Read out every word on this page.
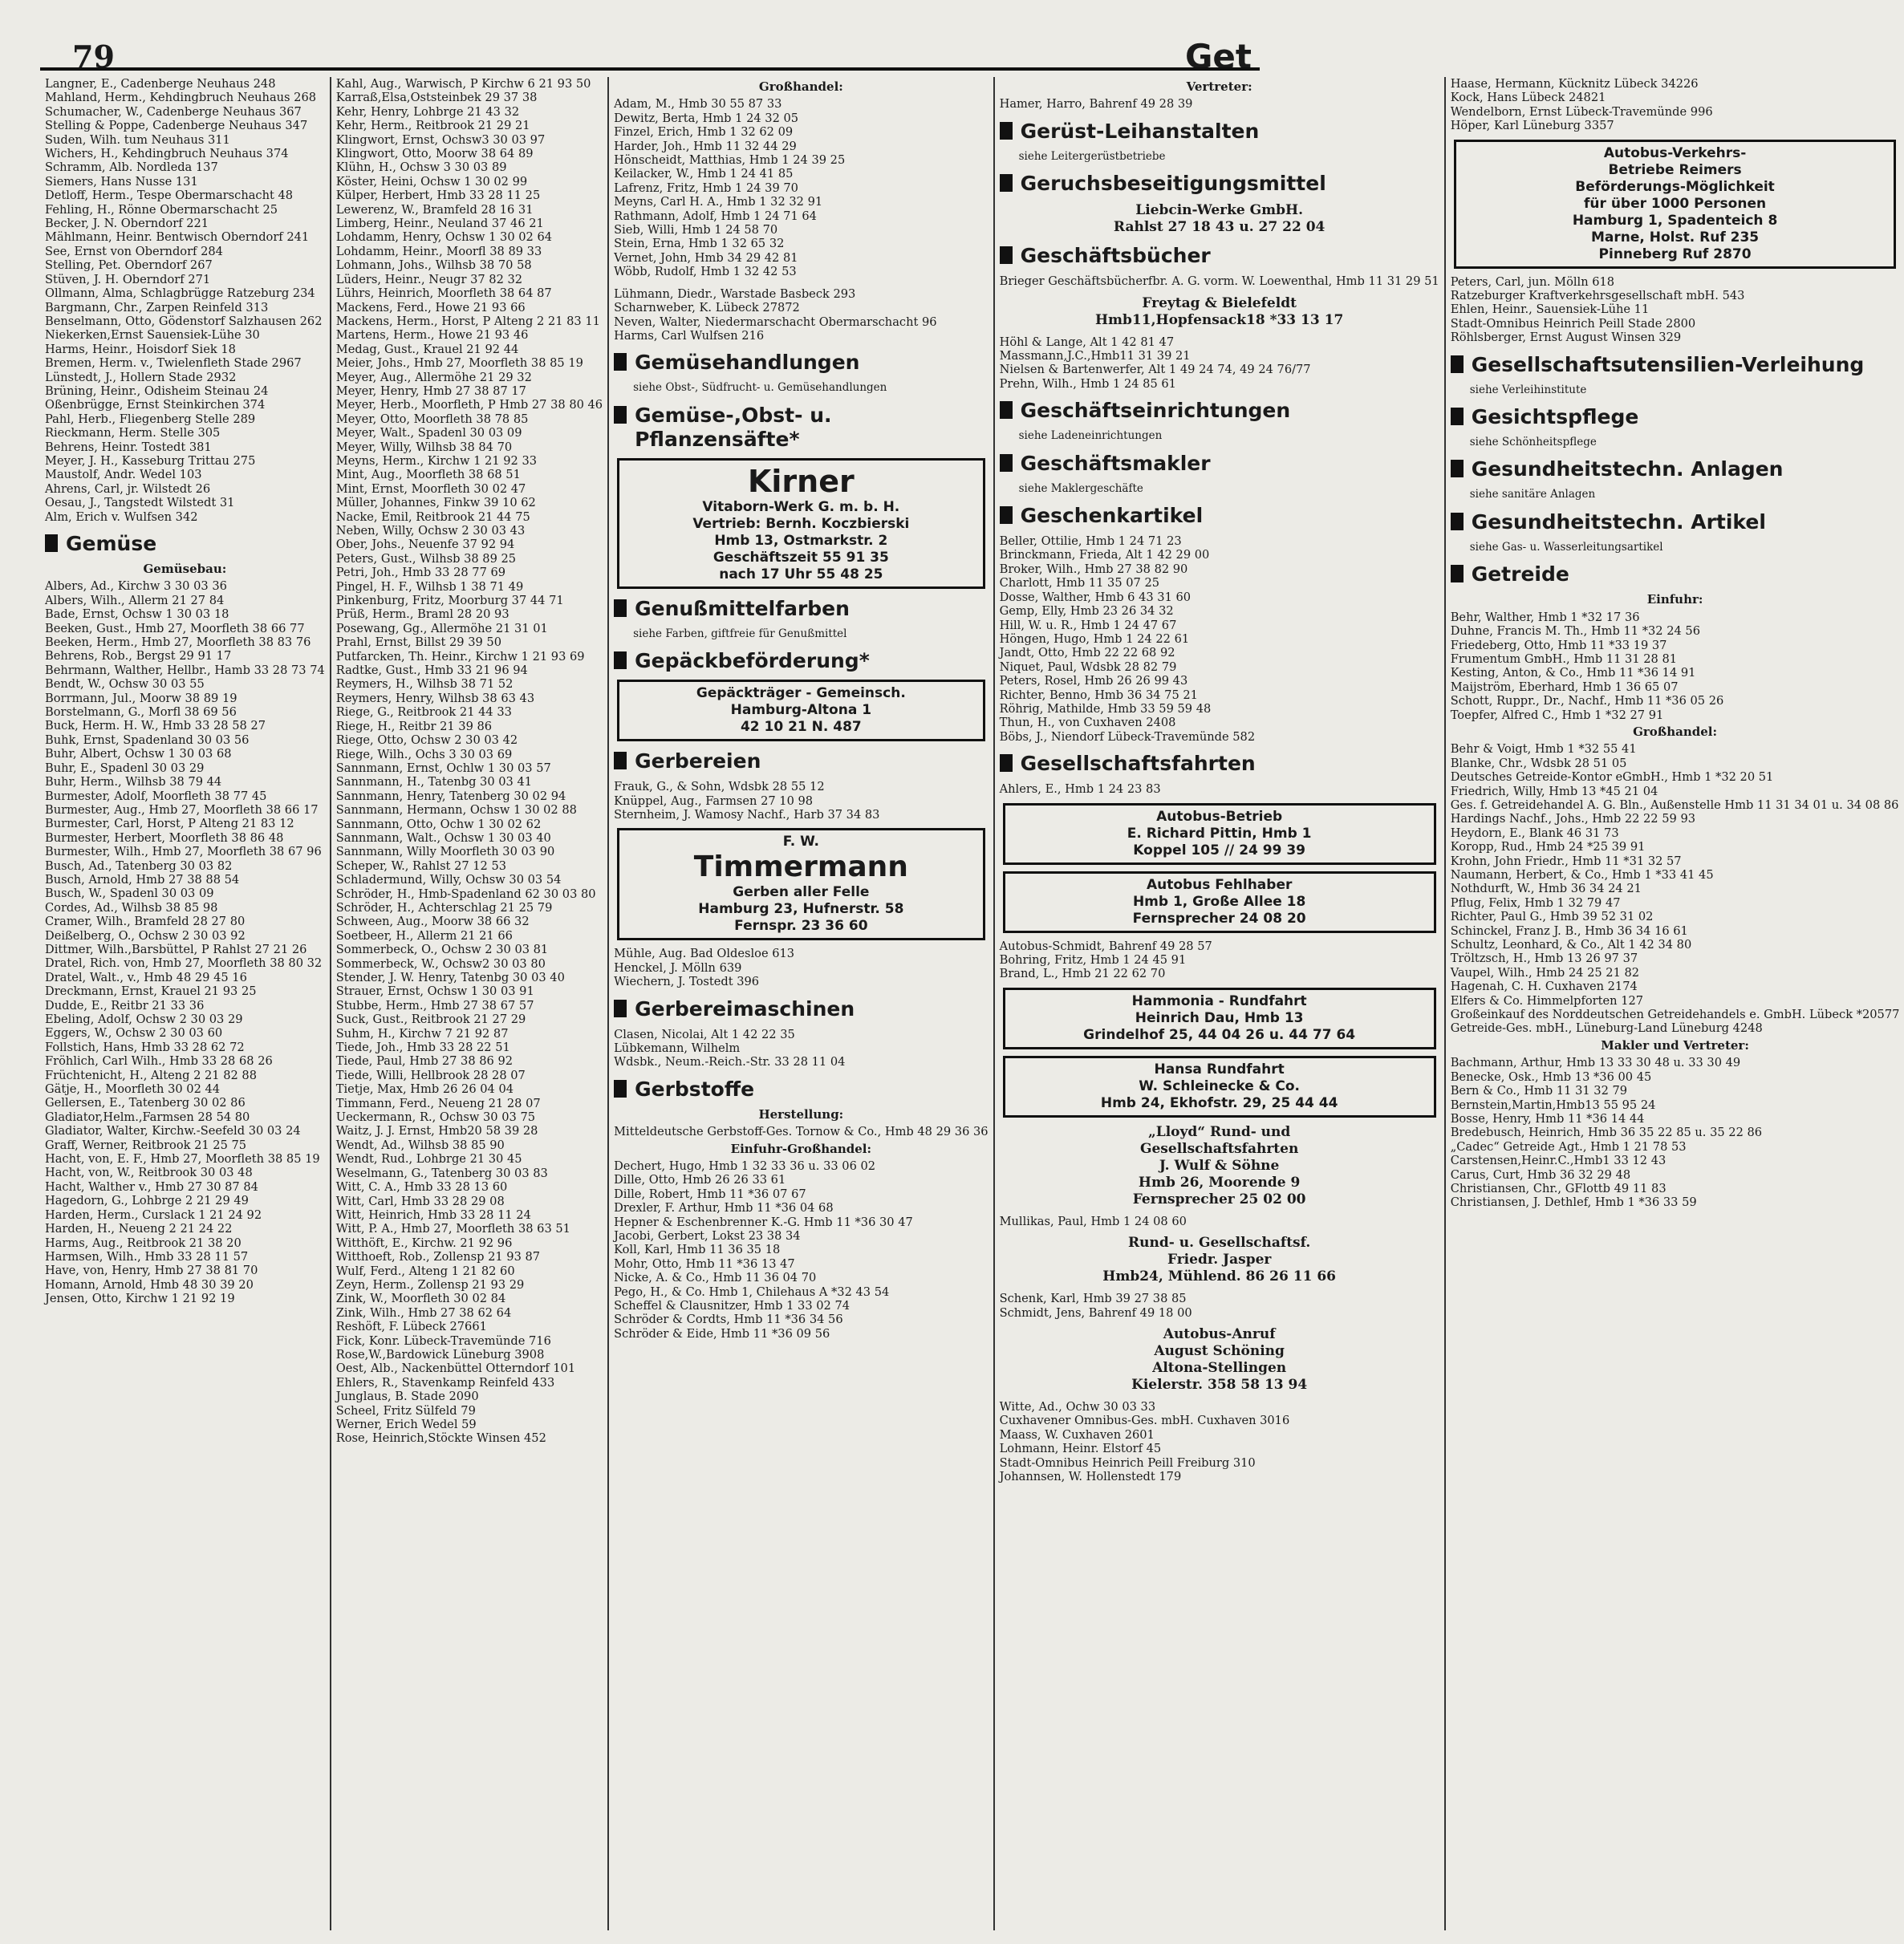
79	Get
Langner, E., Cadenberge Neuhaus 248
Mahland, Herm., Kehdingbruch Neuhaus 268
Schumacher, W., Cadenberge Neuhaus 367
Stelling & Poppe, Cadenberge Neuhaus 347
Suden, Wilh. tum Neuhaus 311
Wichers, H., Kehdingbruch Neuhaus 374
Schramm, Alb. Nordleda 137
Siemers, Hans Nusse 131
Detloff, Herm., Tespe Obermarschacht 48
Fehling, H., Rönne Obermarschacht 25
Becker, J. N. Oberndorf 221
Mählmann, Heinr. Bentwisch Oberndorf 241
See, Ernst von Oberndorf 284
Stelling, Pet. Oberndorf 267
Stüven, J. H. Oberndorf 271
Ollmann, Alma, Schlagbrügge Ratzeburg 234
Bargmann, Chr., Zarpen Reinfeld 313
Benselmann, Otto, Gödenstorf Salzhausen 262
Niekerken,Ernst Sauensiek-Lühe 30
Harms, Heinr., Hoisdorf Siek 18
Bremen, Herm. v., Twielenfleth Stade 2967
Lünstedt, J., Hollern Stade 2932
Brüning, Heinr., Odisheim Steinau 24
Oßenbrügge, Ernst Steinkirchen 374
Pahl, Herb., Fliegenberg Stelle 289
Rieckmann, Herm. Stelle 305
Behrens, Heinr. Tostedt 381
Meyer, J. H., Kasseburg Trittau 275
Maustolf, Andr. Wedel 103
Ahrens, Carl, jr. Wilstedt 26
Oesau, J., Tangstedt Wilstedt 31
Alm, Erich v. Wulfsen 342
Gemüse
Gemüsebau:
Albers, Ad., Kirchw 3 30 03 36
Albers, Wilh., Allerm 21 27 84
Bade, Ernst, Ochsw 1 30 03 18
Beeken, Gust., Hmb 27, Moorfleth 38 66 77
Beeken, Herm., Hmb 27, Moorfleth 38 83 76
Behrens, Rob., Bergst 29 91 17
Behrmann, Walther, Hellbr., Hamb 33 28 73 74
Bendt, W., Ochsw 30 03 55
Borrmann, Jul., Moorw 38 89 19
Borstelmann, G., Morfl 38 69 56
Buck, Herm. H. W., Hmb 33 28 58 27
Buhk, Ernst, Spadenland 30 03 56
Buhr, Albert, Ochsw 1 30 03 68
Buhr, E., Spadenl 30 03 29
Buhr, Herm., Wilhsb 38 79 44
Burmester, Adolf, Moorfleth 38 77 45
Burmester, Aug., Hmb 27, Moorfleth 38 66 17
Burmester, Carl, Horst, P Alteng 21 83 12
Burmester, Herbert, Moorfleth 38 86 48
Burmester, Wilh., Hmb 27, Moorfleth 38 67 96
Busch, Ad., Tatenberg 30 03 82
Busch, Arnold, Hmb 27 38 88 54
Busch, W., Spadenl 30 03 09
Cordes, Ad., Wilhsb 38 85 98
Cramer, Wilh., Bramfeld 28 27 80
Deißelberg, O., Ochsw 2 30 03 92
Dittmer, Wilh.,Barsbüttel, P Rahlst 27 21 26
Dratel, Rich. von, Hmb 27, Moorfleth 38 80 32
Dratel, Walt., v., Hmb 48 29 45 16
Dreckmann, Ernst, Krauel 21 93 25
Dudde, E., Reitbr 21 33 36
Ebeling, Adolf, Ochsw 2 30 03 29
Eggers, W., Ochsw 2 30 03 60
Follstich, Hans, Hmb 33 28 62 72
Fröhlich, Carl Wilh., Hmb 33 28 68 26
Früchtenicht, H., Alteng 2 21 82 88
Gätje, H., Moorfleth 30 02 44
Gellersen, E., Tatenberg 30 02 86
Gladiator,Helm.,Farmsen 28 54 80
Gladiator, Walter, Kirchw.-Seefeld 30 03 24
Graff, Werner, Reitbrook 21 25 75
Hacht, von, E. F., Hmb 27, Moorfleth 38 85 19
Hacht, von, W., Reitbrook 30 03 48
Hacht, Walther v., Hmb 27 30 87 84
Hagedorn, G., Lohbrge 2 21 29 49
Harden, Herm., Curslack 1 21 24 92
Harden, H., Neueng 2 21 24 22
Harms, Aug., Reitbrook 21 38 20
Harmsen, Wilh., Hmb 33 28 11 57
Have, von, Henry, Hmb 27 38 81 70
Homann, Arnold, Hmb 48 30 39 20
Jensen, Otto, Kirchw 1 21 92 19
Kahl, Aug., Warwisch, P Kirchw 6 21 93 50
Karraß,Elsa,Oststeinbek 29 37 38
Kehr, Henry, Lohbrge 21 43 32
Kehr, Herm., Reitbrook 21 29 21
Klingwort, Ernst, Ochsw3 30 03 97
Klingwort, Otto, Moorw 38 64 89
Klühn, H., Ochsw 3 30 03 89
Köster, Heini, Ochsw 1 30 02 99
Külper, Herbert, Hmb 33 28 11 25
Lewerenz, W., Bramfeld 28 16 31
Limberg, Heinr., Neuland 37 46 21
Lohdamm, Henry, Ochsw 1 30 02 64
Lohdamm, Heinr., Moorfl 38 89 33
Lohmann, Johs., Wilhsb 38 70 58
Lüders, Heinr., Neugr 37 82 32
Lührs, Heinrich, Moorfleth 38 64 87
Mackens, Ferd., Howe 21 93 66
Mackens, Herm., Horst, P Alteng 2 21 83 11
Martens, Herm., Howe 21 93 46
Medag, Gust., Krauel 21 92 44
Meier, Johs., Hmb 27, Moorfleth 38 85 19
Meyer, Aug., Allermöhe 21 29 32
Meyer, Henry, Hmb 27 38 87 17
Meyer, Herb., Moorfleth, P Hmb 27 38 80 46
Meyer, Otto, Moorfleth 38 78 85
Meyer, Walt., Spadenl 30 03 09
Meyer, Willy, Wilhsb 38 84 70
Meyns, Herm., Kirchw 1 21 92 33
Mint, Aug., Moorfleth 38 68 51
Mint, Ernst, Moorfleth 30 02 47
Müller, Johannes, Finkw 39 10 62
Nacke, Emil, Reitbrook 21 44 75
Neben, Willy, Ochsw 2 30 03 43
Ober, Johs., Neuenfe 37 92 94
Peters, Gust., Wilhsb 38 89 25
Petri, Joh., Hmb 33 28 77 69
Pingel, H. F., Wilhsb 1 38 71 49
Pinkenburg, Fritz, Moorburg 37 44 71
Prüß, Herm., Braml 28 20 93
Posewang, Gg., Allermöhe 21 31 01
Prahl, Ernst, Billst 29 39 50
Putfarcken, Th. Heinr., Kirchw 1 21 93 69
Radtke, Gust., Hmb 33 21 96 94
Reymers, H., Wilhsb 38 71 52
Reymers, Henry, Wilhsb 38 63 43
Riege, G., Reitbrook 21 44 33
Riege, H., Reitbr 21 39 86
Riege, Otto, Ochsw 2 30 03 42
Riege, Wilh., Ochs 3 30 03 69
Sannmann, Ernst, Ochlw 1 30 03 57
Sannmann, H., Tatenbg 30 03 41
Sannmann, Henry, Tatenberg 30 02 94
Sannmann, Hermann, Ochsw 1 30 02 88
Sannmann, Otto, Ochw 1 30 02 62
Sannmann, Walt., Ochsw 1 30 03 40
Sannmann, Willy Moorfleth 30 03 90
Scheper, W., Rahlst 27 12 53
Schladermund, Willy, Ochsw 30 03 54
Schröder, H., Hmb-Spadenland 62 30 03 80
Schröder, H., Achterschlag 21 25 79
Schween, Aug., Moorw 38 66 32
Soetbeer, H., Allerm 21 21 66
Sommerbeck, O., Ochsw 2 30 03 81
Sommerbeck, W., Ochsw2 30 03 80
Stender, J. W. Henry, Tatenbg 30 03 40
Strauer, Ernst, Ochsw 1 30 03 91
Stubbe, Herm., Hmb 27 38 67 57
Suck, Gust., Reitbrook 21 27 29
Suhm, H., Kirchw 7 21 92 87
Tiede, Joh., Hmb 33 28 22 51
Tiede, Paul, Hmb 27 38 86 92
Tiede, Willi, Hellbrook 28 28 07
Tietje, Max, Hmb 26 26 04 04
Timmann, Ferd., Neueng 21 28 07
Ueckermann, R., Ochsw 30 03 75
Waitz, J. J. Ernst, Hmb20 58 39 28
Wendt, Ad., Wilhsb 38 85 90
Wendt, Rud., Lohbrge 21 30 45
Weselmann, G., Tatenberg 30 03 83
Witt, C. A., Hmb 33 28 13 60
Witt, Carl, Hmb 33 28 29 08
Witt, Heinrich, Hmb 33 28 11 24
Witt, P. A., Hmb 27, Moorfleth 38 63 51
Witthöft, E., Kirchw. 21 92 96
Witthoeft, Rob., Zollensp 21 93 87
Wulf, Ferd., Alteng 1 21 82 60
Zeyn, Herm., Zollensp 21 93 29
Zink, W., Moorfleth 30 02 84
Zink, Wilh., Hmb 27 38 62 64
Reshöft, F. Lübeck 27661
Fick, Konr. Lübeck-Travemünde 716
Rose,W.,Bardowick Lüneburg 3908
Oest, Alb., Nackenbüttel Otterndorf 101
Ehlers, R., Stavenkamp Reinfeld 433
Junglaus, B. Stade 2090
Scheel, Fritz Sülfeld 79
Werner, Erich Wedel 59
Rose, Heinrich,Stöckte Winsen 452
Großhandel:
Adam, M., Hmb 30 55 87 33
Dewitz, Berta, Hmb 1 24 32 05
Finzel, Erich, Hmb 1 32 62 09
Harder, Joh., Hmb 11 32 44 29
Hönscheidt, Matthias, Hmb 1 24 39 25
Keilacker, W., Hmb 1 24 41 85
Lafrenz, Fritz, Hmb 1 24 39 70
Meyns, Carl H. A., Hmb 1 32 32 91
Rathmann, Adolf, Hmb 1 24 71 64
Sieb, Willi, Hmb 1 24 58 70
Stein, Erna, Hmb 1 32 65 32
Vernet, John, Hmb 34 29 42 81
Wöbb, Rudolf, Hmb 1 32 42 53
Lühmann, Diedr., Warstade Basbeck 293
Scharnweber, K. Lübeck 27872
Neven, Walter, Niedermarschacht Obermarschacht 96
Harms, Carl Wulfsen 216
Gemüsehandlungen
siehe Obst-, Südfrucht- u. Gemüsehandlungen
Gemüse-,Obst- u. Pflanzensäfte*
Kirner
Vitaborn-Werk G. m. b. H.
Vertrieb: Bernh. Koczbierski
Hmb 13, Ostmarkstr. 2
Geschäftszeit 55 91 35
nach 17 Uhr 55 48 25
Genußmittelfarben
siehe Farben, giftfreie für Genußmittel
Gepäckbeförderung*
Gepäckträger - Gemeinsch.
Hamburg-Altona 1
42 10 21 N. 487
Gerbereien
Frauk, G., & Sohn, Wdsbk 28 55 12
Knüppel, Aug., Farmsen 27 10 98
Sternheim, J. Wamosy Nachf., Harb 37 34 83
F. W.
Timmermann
Gerben aller Felle
Hamburg 23, Hufnerstr. 58
Fernspr. 23 36 60
Mühle, Aug. Bad Oldesloe 613
Henckel, J. Mölln 639
Wiechern, J. Tostedt 396
Gerbereimaschinen
Clasen, Nicolai, Alt 1 42 22 35
Lübkemann, Wilhelm
Wdsbk., Neum.-Reich.-Str. 33 28 11 04
Gerbstoffe
Herstellung:
Mitteldeutsche Gerbstoff-Ges. Tornow & Co., Hmb 48 29 36 36
Einfuhr-Großhandel:
Dechert, Hugo, Hmb 1 32 33 36 u. 33 06 02
Dille, Otto, Hmb 26 26 33 61
Dille, Robert, Hmb 11 *36 07 67
Drexler, F. Arthur, Hmb 11 *36 04 68
Hepner & Eschenbrenner K.-G. Hmb 11 *36 30 47
Jacobi, Gerbert, Lokst 23 38 34
Koll, Karl, Hmb 11 36 35 18
Mohr, Otto, Hmb 11 *36 13 47
Nicke, A. & Co., Hmb 11 36 04 70
Pego, H., & Co. Hmb 1, Chilehaus A *32 43 54
Scheffel & Clausnitzer, Hmb 1 33 02 74
Schröder & Cordts, Hmb 11 *36 34 56
Schröder & Eide, Hmb 11 *36 09 56
Vertreter:
Hamer, Harro, Bahrenf 49 28 39
Gerüst-Leihanstalten
siehe Leitergerüstbetriebe
Geruchsbeseitigungsmittel
Liebcin-Werke GmbH.
Rahlst 27 18 43 u. 27 22 04
Geschäftsbücher
Brieger Geschäftsbücherfbr. A. G. vorm. W. Loewenthal, Hmb 11 31 29 51
Freytag & Bielefeldt
Hmb11,Hopfensack18 *33 13 17
Höhl & Lange, Alt 1 42 81 47
Massmann,J.C.,Hmb11 31 39 21
Nielsen & Bartenwerfer, Alt 1 49 24 74, 49 24 76/77
Prehn, Wilh., Hmb 1 24 85 61
Geschäftseinrichtungen
siehe Ladeneinrichtungen
Geschäftsmakler
siehe Maklergeschäfte
Geschenkartikel
Beller, Ottilie, Hmb 1 24 71 23
Brinckmann, Frieda, Alt 1 42 29 00
Broker, Wilh., Hmb 27 38 82 90
Charlott, Hmb 11 35 07 25
Dosse, Walther, Hmb 6 43 31 60
Gemp, Elly, Hmb 23 26 34 32
Hill, W. u. R., Hmb 1 24 47 67
Höngen, Hugo, Hmb 1 24 22 61
Jandt, Otto, Hmb 22 22 68 92
Niquet, Paul, Wdsbk 28 82 79
Peters, Rosel, Hmb 26 26 99 43
Richter, Benno, Hmb 36 34 75 21
Röhrig, Mathilde, Hmb 33 59 59 48
Thun, H., von Cuxhaven 2408
Böbs, J., Niendorf Lübeck-Travemünde 582
Gesellschaftsfahrten
Ahlers, E., Hmb 1 24 23 83
Autobus-Betrieb
E. Richard Pittin, Hmb 1
Koppel 105 // 24 99 39
Autobus Fehlhaber
Hmb 1, Große Allee 18
Fernsprecher 24 08 20
Autobus-Schmidt, Bahrenf 49 28 57
Bohring, Fritz, Hmb 1 24 45 91
Brand, L., Hmb 21 22 62 70
Hammonia - Rundfahrt
Heinrich Dau, Hmb 13
Grindelhof 25, 44 04 26 u. 44 77 64
Hansa Rundfahrt
W. Schleinecke & Co.
Hmb 24, Ekhofstr. 29, 25 44 44
„Lloyd“ Rund- und
Gesellschaftsfahrten
J. Wulf & Söhne
Hmb 26, Moorende 9
Fernsprecher 25 02 00
Mullikas, Paul, Hmb 1 24 08 60
Rund- u. Gesellschaftsf.
Friedr. Jasper
Hmb24, Mühlend. 86 26 11 66
Schenk, Karl, Hmb 39 27 38 85
Schmidt, Jens, Bahrenf 49 18 00
Autobus-Anruf
August Schöning
Altona-Stellingen
Kielerstr. 358 58 13 94
Witte, Ad., Ochw 30 03 33
Cuxhavener Omnibus-Ges. mbH. Cuxhaven 3016
Maass, W. Cuxhaven 2601
Lohmann, Heinr. Elstorf 45
Stadt-Omnibus Heinrich Peill Freiburg 310
Johannsen, W. Hollenstedt 179
Haase, Hermann, Kücknitz Lübeck 34226
Kock, Hans Lübeck 24821
Wendelborn, Ernst Lübeck-Travemünde 996
Höper, Karl Lüneburg 3357
Autobus-Verkehrs-
Betriebe Reimers
Beförderungs-Möglichkeit
für über 1000 Personen
Hamburg 1, Spadenteich 8
Marne, Holst. Ruf 235
Pinneberg Ruf 2870
Peters, Carl, jun. Mölln 618
Ratzeburger Kraftverkehrsgesellschaft mbH. 543
Ehlen, Heinr., Sauensiek-Lühe 11
Stadt-Omnibus Heinrich Peill Stade 2800
Röhlsberger, Ernst August Winsen 329
Gesellschaftsutensilien-Verleihung
siehe Verleihinstitute
Gesichtspflege
siehe Schönheitspflege
Gesundheitstechn. Anlagen
siehe sanitäre Anlagen
Gesundheitstechn. Artikel
siehe Gas- u. Wasserleitungsartikel
Getreide
Einfuhr:
Behr, Walther, Hmb 1 *32 17 36
Duhne, Francis M. Th., Hmb 11 *32 24 56
Friedeberg, Otto, Hmb 11 *33 19 37
Frumentum GmbH., Hmb 11 31 28 81
Kesting, Anton, & Co., Hmb 11 *36 14 91
Maijström, Eberhard, Hmb 1 36 65 07
Schott, Ruppr., Dr., Nachf., Hmb 11 *36 05 26
Toepfer, Alfred C., Hmb 1 *32 27 91
Großhandel:
Behr & Voigt, Hmb 1 *32 55 41
Blanke, Chr., Wdsbk 28 51 05
Deutsches Getreide-Kontor eGmbH., Hmb 1 *32 20 51
Friedrich, Willy, Hmb 13 *45 21 04
Ges. f. Getreidehandel A. G. Bln., Außenstelle Hmb 11 31 34 01 u. 34 08 86
Hardings Nachf., Johs., Hmb 22 22 59 93
Heydorn, E., Blank 46 31 73
Koropp, Rud., Hmb 24 *25 39 91
Krohn, John Friedr., Hmb 11 *31 32 57
Naumann, Herbert, & Co., Hmb 1 *33 41 45
Nothdurft, W., Hmb 36 34 24 21
Pflug, Felix, Hmb 1 32 79 47
Richter, Paul G., Hmb 39 52 31 02
Schinckel, Franz J. B., Hmb 36 34 16 61
Schultz, Leonhard, & Co., Alt 1 42 34 80
Tröltzsch, H., Hmb 13 26 97 37
Vaupel, Wilh., Hmb 24 25 21 82
Hagenah, C. H. Cuxhaven 2174
Elfers & Co. Himmelpforten 127
Großeinkauf des Norddeutschen Getreidehandels e. GmbH. Lübeck *20577
Getreide-Ges. mbH., Lüneburg-Land Lüneburg 4248
Makler und Vertreter:
Bachmann, Arthur, Hmb 13 33 30 48 u. 33 30 49
Benecke, Osk., Hmb 13 *36 00 45
Bern & Co., Hmb 11 31 32 79
Bernstein,Martin,Hmb13 55 95 24
Bosse, Henry, Hmb 11 *36 14 44
Bredebusch, Heinrich, Hmb 36 35 22 85 u. 35 22 86
„Cadec“ Getreide Agt., Hmb 1 21 78 53
Carstensen,Heinr.C.,Hmb1 33 12 43
Carus, Curt, Hmb 36 32 29 48
Christiansen, Chr., GFlottb 49 11 83
Christiansen, J. Dethlef, Hmb 1 *36 33 59
